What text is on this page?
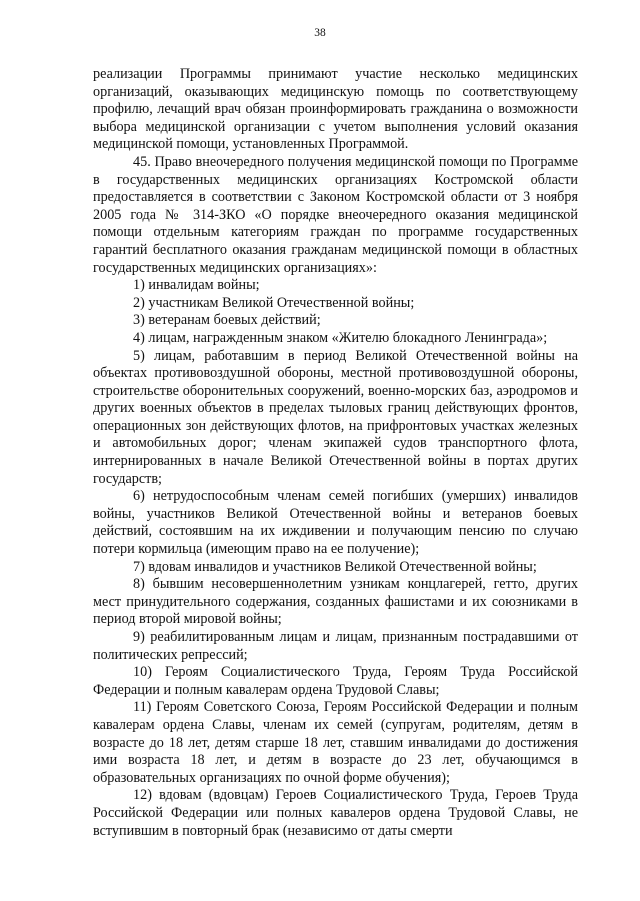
38

реализации Программы принимают участие несколько медицинских организаций, оказывающих медицинскую помощь по соответствующему профилю, лечащий врач обязан проинформировать гражданина о возможности выбора медицинской организации с учетом выполнения условий оказания медицинской помощи, установленных Программой.

45. Право внеочередного получения медицинской помощи по Программе в государственных медицинских организациях Костромской области предоставляется в соответствии с Законом Костромской области от 3 ноября 2005 года № 314-ЗКО «О порядке внеочередного оказания медицинской помощи отдельным категориям граждан по программе государственных гарантий бесплатного оказания гражданам медицинской помощи в областных государственных медицинских организациях»:

1) инвалидам войны;

2) участникам Великой Отечественной войны;

3) ветеранам боевых действий;

4) лицам, награжденным знаком «Жителю блокадного Ленинграда»;

5) лицам, работавшим в период Великой Отечественной войны на объектах противовоздушной обороны, местной противовоздушной обороны, строительстве оборонительных сооружений, военно-морских баз, аэродромов и других военных объектов в пределах тыловых границ действующих фронтов, операционных зон действующих флотов, на прифронтовых участках железных и автомобильных дорог; членам экипажей судов транспортного флота, интернированных в начале Великой Отечественной войны в портах других государств;

6) нетрудоспособным членам семей погибших (умерших) инвалидов войны, участников Великой Отечественной войны и ветеранов боевых действий, состоявшим на их иждивении и получающим пенсию по случаю потери кормильца (имеющим право на ее получение);

7) вдовам инвалидов и участников Великой Отечественной войны;

8) бывшим несовершеннолетним узникам концлагерей, гетто, других мест принудительного содержания, созданных фашистами и их союзниками в период второй мировой войны;

9) реабилитированным лицам и лицам, признанным пострадавшими от политических репрессий;

10) Героям Социалистического Труда, Героям Труда Российской Федерации и полным кавалерам ордена Трудовой Славы;

11) Героям Советского Союза, Героям Российской Федерации и полным кавалерам ордена Славы, членам их семей (супругам, родителям, детям в возрасте до 18 лет, детям старше 18 лет, ставшим инвалидами до достижения ими возраста 18 лет, и детям в возрасте до 23 лет, обучающимся в образовательных организациях по очной форме обучения);

12) вдовам (вдовцам) Героев Социалистического Труда, Героев Труда Российской Федерации или полных кавалеров ордена Трудовой Славы, не вступившим в повторный брак (независимо от даты смерти
